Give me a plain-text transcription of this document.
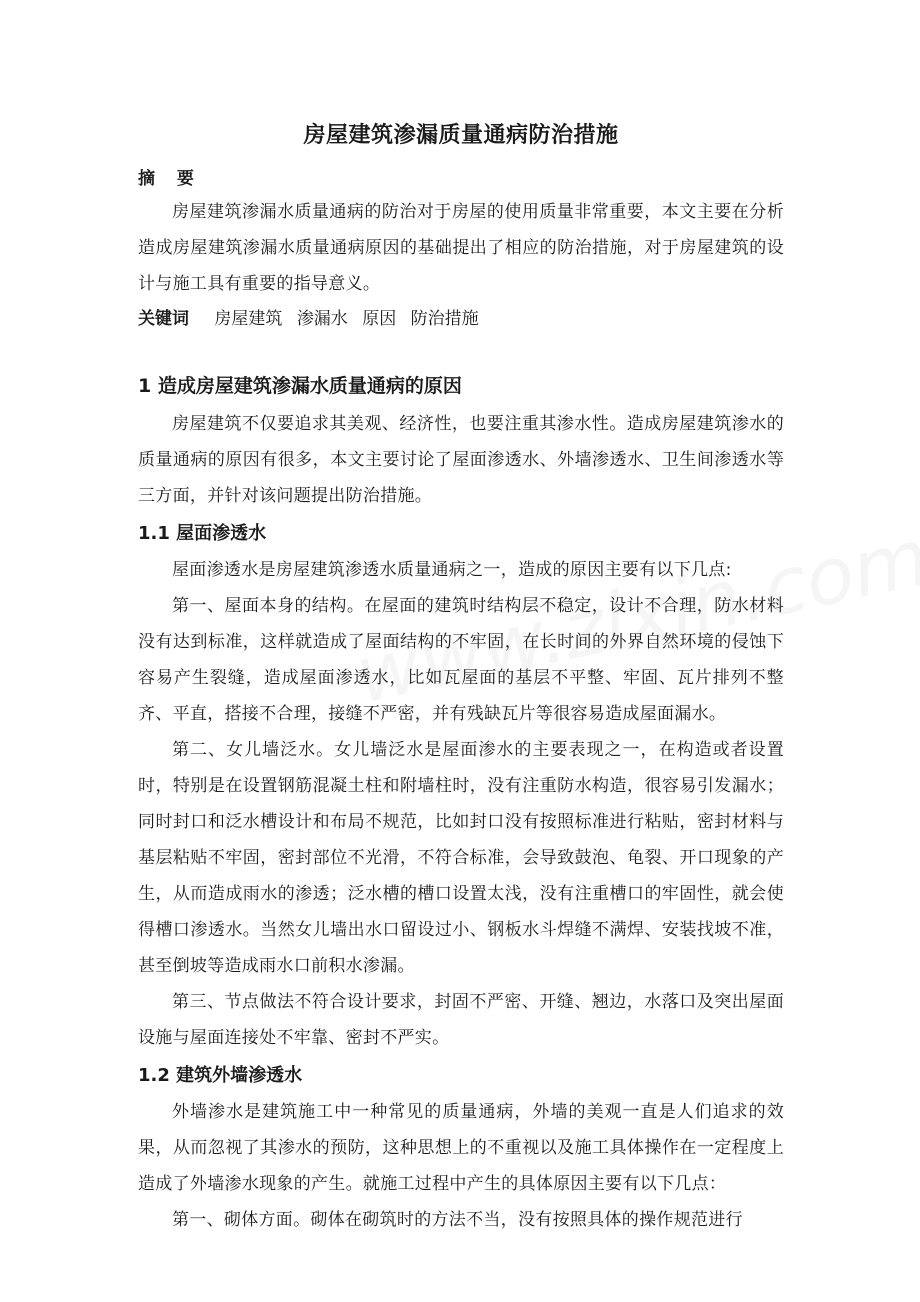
房屋建筑渗漏质量通病防治措施
摘 要

房屋建筑渗漏水质量通病的防治对于房屋的使用质量非常重要，本文主要在分析造成房屋建筑渗漏水质量通病原因的基础提出了相应的防治措施，对于房屋建筑的设计与施工具有重要的指导意义。

关键词 房屋建筑 渗漏水 原因 防治措施
1 造成房屋建筑渗漏水质量通病的原因

房屋建筑不仅要追求其美观、经济性，也要注重其渗水性。造成房屋建筑渗水的质量通病的原因有很多，本文主要讨论了屋面渗透水、外墙渗透水、卫生间渗透水等三方面，并针对该问题提出防治措施。

1.1 屋面渗透水

屋面渗透水是房屋建筑渗透水质量通病之一，造成的原因主要有以下几点:

第一、屋面本身的结构。在屋面的建筑时结构层不稳定，设计不合理，防水材料没有达到标准，这样就造成了屋面结构的不牢固，在长时间的外界自然环境的侵蚀下容易产生裂缝，造成屋面渗透水，比如瓦屋面的基层不平整、牢固、瓦片排列不整齐、平直，搭接不合理，接缝不严密，并有残缺瓦片等很容易造成屋面漏水。

第二、女儿墙泛水。女儿墙泛水是屋面渗水的主要表现之一，在构造或者设置时，特别是在设置钢筋混凝土柱和附墙柱时，没有注重防水构造，很容易引发漏水；同时封口和泛水槽设计和布局不规范，比如封口没有按照标准进行粘贴，密封材料与基层粘贴不牢固，密封部位不光滑，不符合标准，会导致鼓泡、龟裂、开口现象的产生，从而造成雨水的渗透；泛水槽的槽口设置太浅，没有注重槽口的牢固性，就会使得槽口渗透水。当然女儿墙出水口留设过小、钢板水斗焊缝不满焊、安装找坡不准，甚至倒坡等造成雨水口前积水渗漏。

第三、节点做法不符合设计要求，封固不严密、开缝、翘边，水落口及突出屋面设施与屋面连接处不牢靠、密封不严实。

1.2 建筑外墙渗透水

外墙渗水是建筑施工中一种常见的质量通病，外墙的美观一直是人们追求的效果，从而忽视了其渗水的预防，这种思想上的不重视以及施工具体操作在一定程度上造成了外墙渗水现象的产生。就施工过程中产生的具体原因主要有以下几点：

第一、砌体方面。砌体在砌筑时的方法不当，没有按照具体的操作规范进行
